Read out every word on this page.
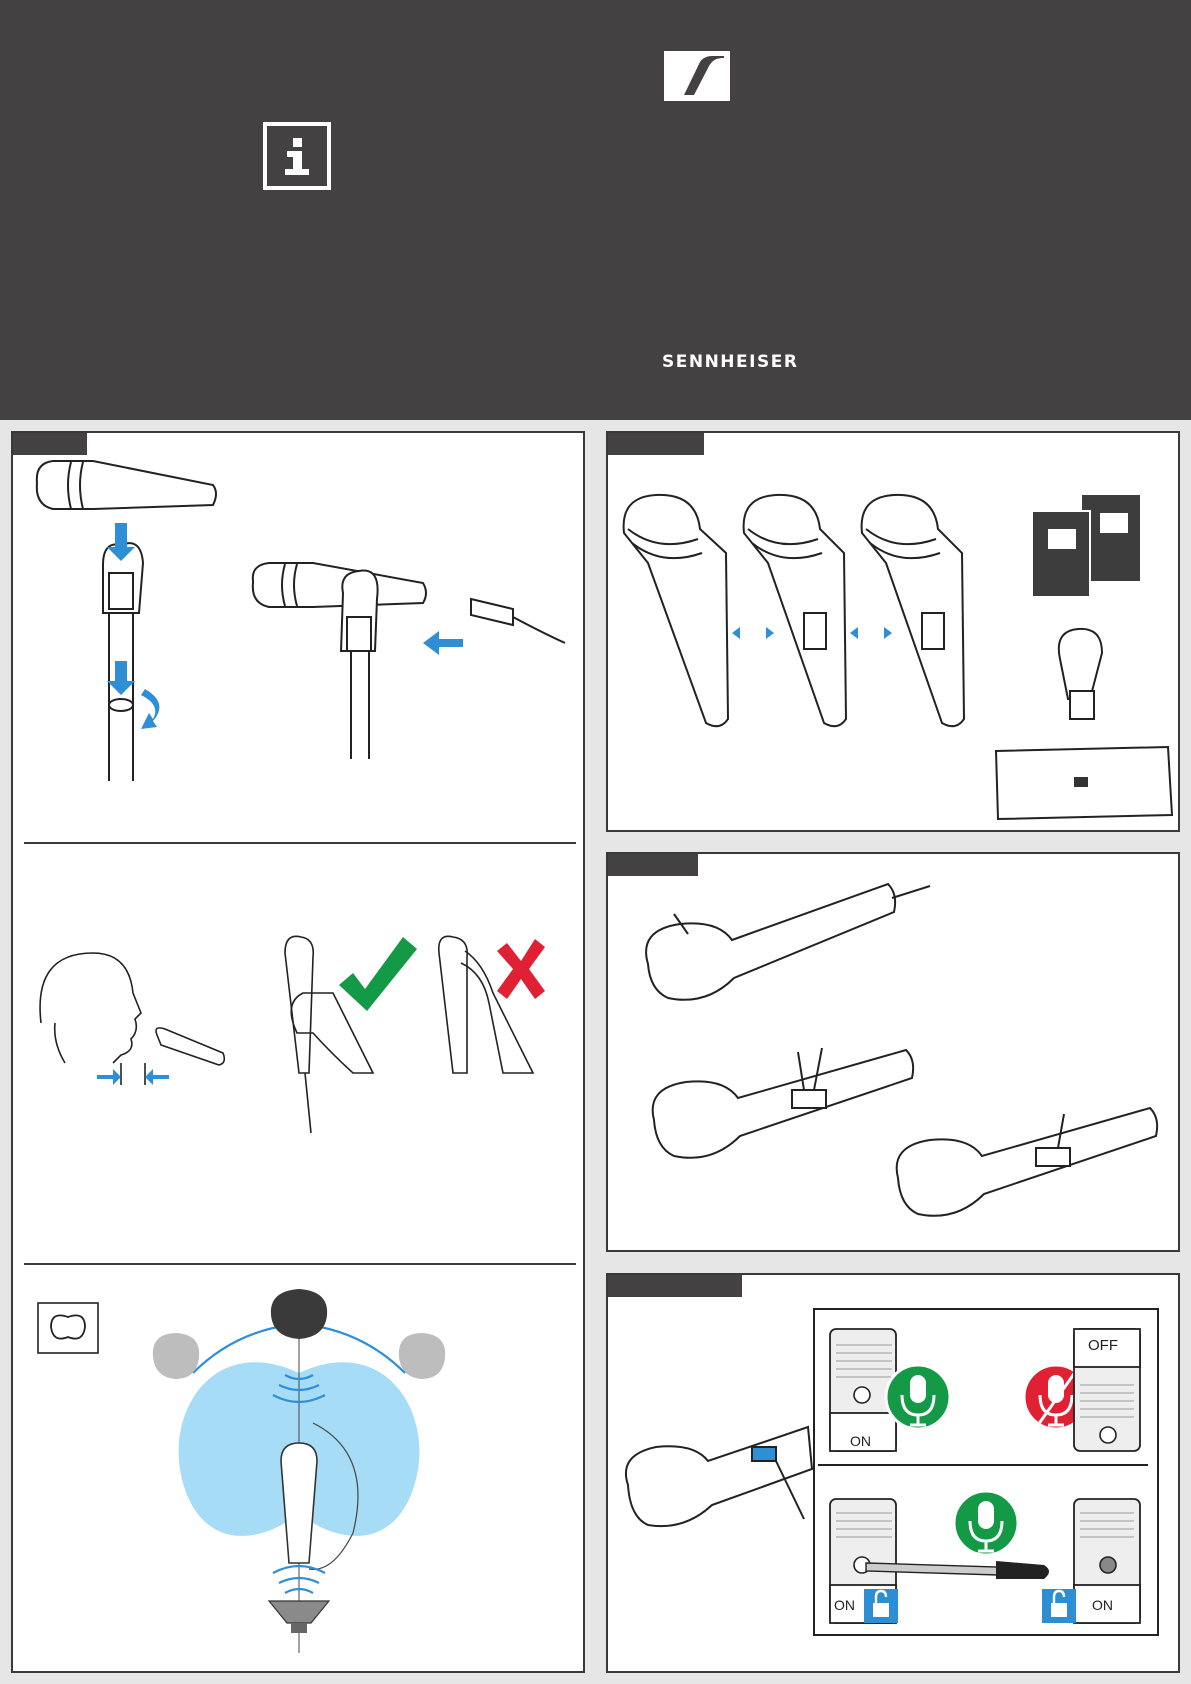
SENNHEISER
ON
OFF
ON	ON
